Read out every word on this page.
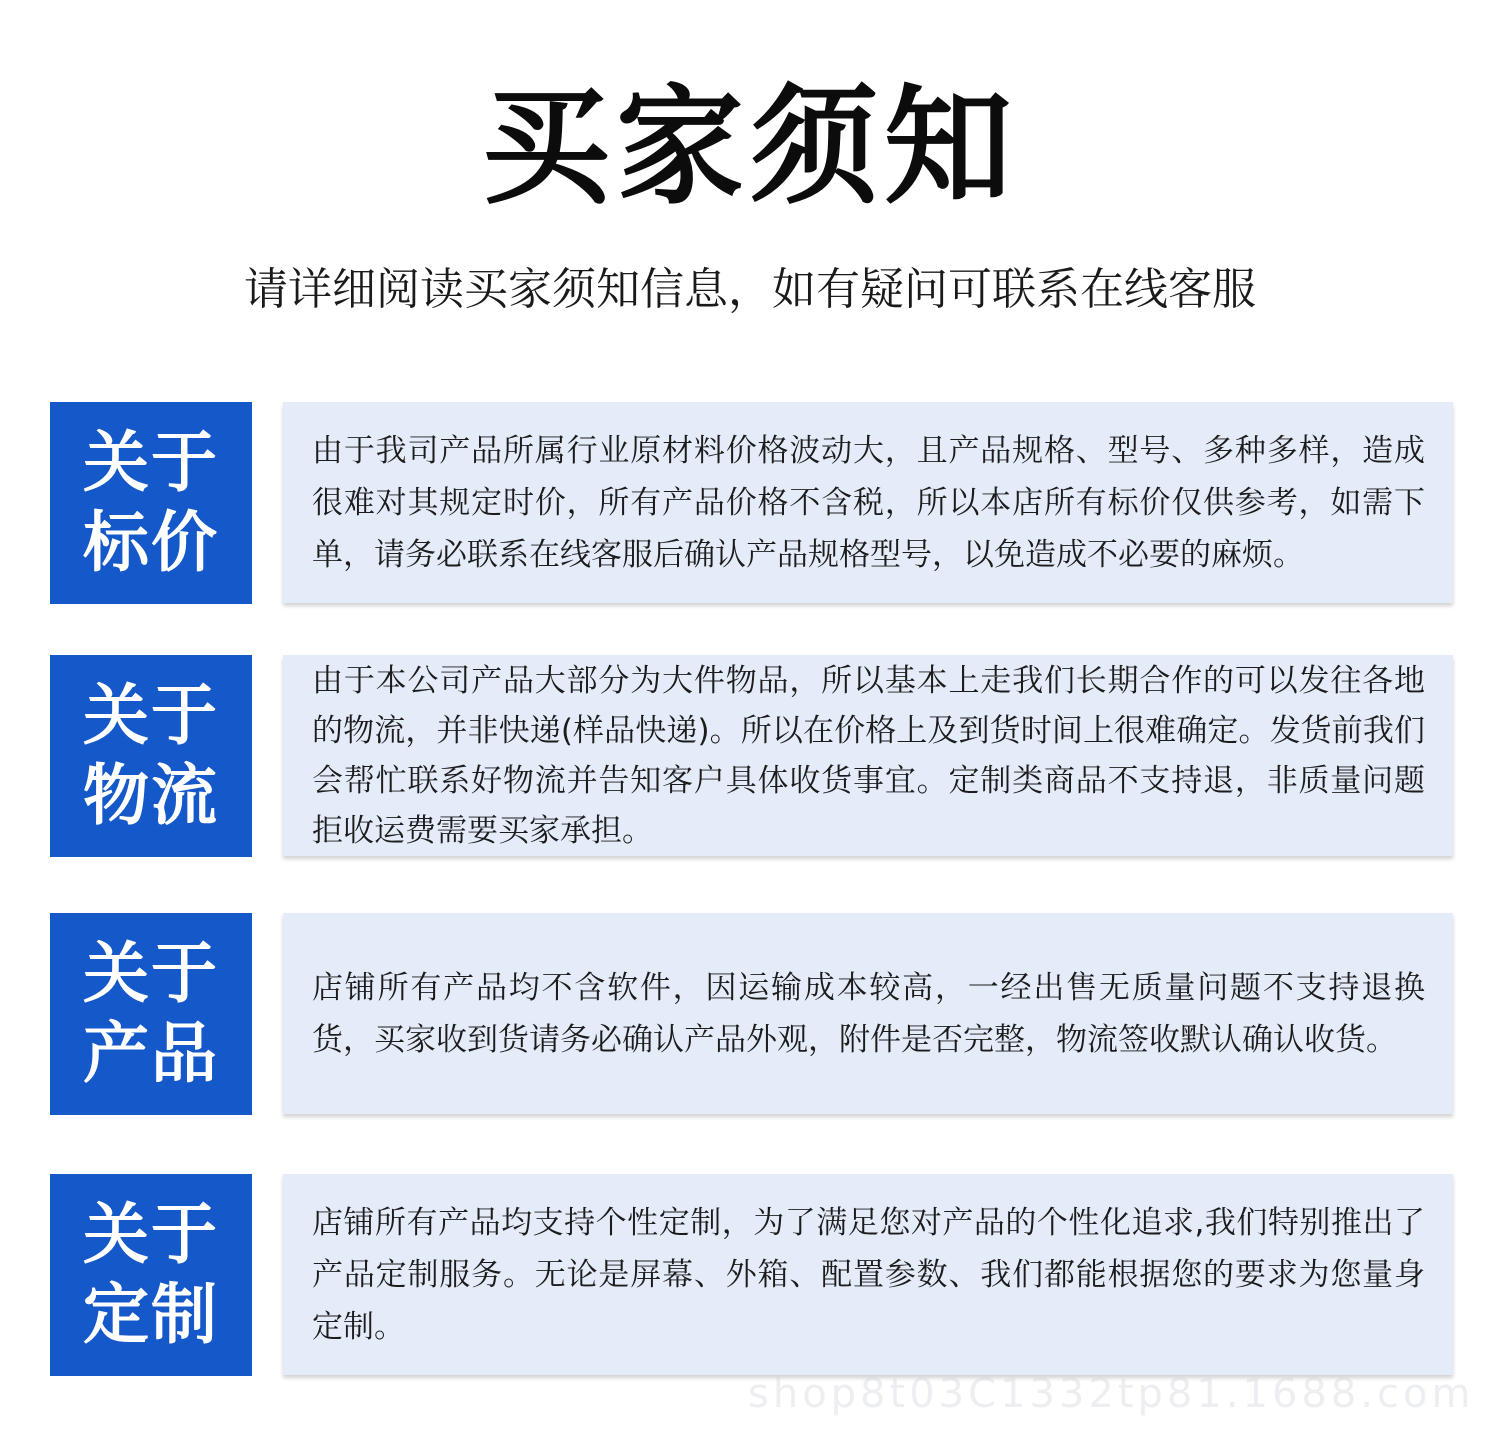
买家须知
请详细阅读买家须知信息，如有疑问可联系在线客服
关于
标价

由于我司产品所属行业原材料价格波动大，且产品规格、型号、多种多样，造成很难对其规定时价，所有产品价格不含税，所以本店所有标价仅供参考，如需下单，请务必联系在线客服后确认产品规格型号，以免造成不必要的麻烦。

关于
物流

由于本公司产品大部分为大件物品，所以基本上走我们长期合作的可以发往各地的物流，并非快递(样品快递)。所以在价格上及到货时间上很难确定。发货前我们会帮忙联系好物流并告知客户具体收货事宜。定制类商品不支持退，非质量问题拒收运费需要买家承担。

关于
产品

店铺所有产品均不含软件，因运输成本较高，一经出售无质量问题不支持退换货，买家收到货请务必确认产品外观，附件是否完整，物流签收默认确认收货。

关于
定制

店铺所有产品均支持个性定制，为了满足您对产品的个性化追求,我们特别推出了产品定制服务。无论是屏幕、外箱、配置参数、我们都能根据您的要求为您量身定制。

shop8t03C1332tp81.1688.com
